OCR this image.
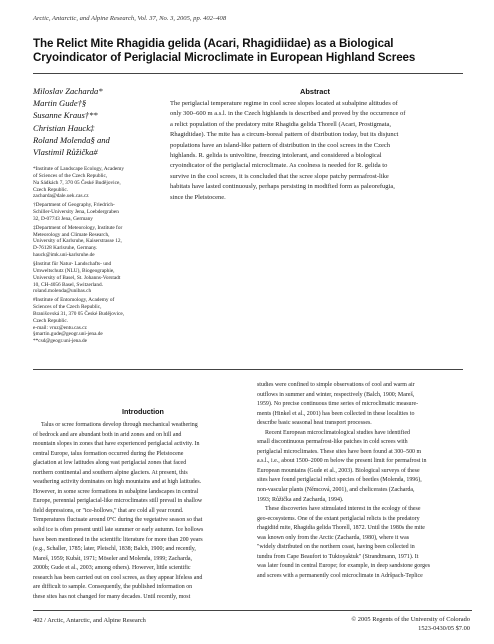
Arctic, Antarctic, and Alpine Research, Vol. 37, No. 3, 2005, pp. 402–408
The Relict Mite Rhagidia gelida (Acari, Rhagidiidae) as a Biological
Cryoindicator of Periglacial Microclimate in European Highland Screes
Miloslav Zacharda*
Martin Gude†§
Susanne Kraus†**
Christian Hauck‡
Roland Molenda§ and
Vlastimil Růžička#
*Institute of Landscape Ecology, Academy
of Sciences of the Czech Republic,
Na Sádkách 7, 370 05 České Budějovice,
Czech Republic.
zacharda@dale.uek.cas.cz
†Department of Geography, Friedrich-
Schiller-University Jena, Loebdergraben
32, D-07743 Jena, Germany
‡Department of Meteorology, Institute for
Meteorology and Climate Research,
University of Karlsruhe, Kaiserstrasse 12,
D-76128 Karlsruhe, Germany.
hauck@imk.uni-karlsruhe.de
§Institut für Natur- Landschafts- und
Umweltschutz (NLU), Biogeographie,
University of Basel, St. Johanns-Vorstadt
10, CH-4056 Basel, Switzerland.
roland.molenda@unibas.ch
#Institute of Entomology, Academy of
Sciences of the Czech Republic,
Branišovská 31, 370 05 České Budějovice,
Czech Republic.
e-mail: vruz@entu.cas.cz
§martin.gude@geogr.uni-jena.de
**csd@geogr.uni-jena.de
Abstract
The periglacial temperature regime in cool scree slopes located at subalpine altitudes of
only 300–600 m a.s.l. in the Czech highlands is described and proved by the occurrence of
a relict population of the predatory mite Rhagidia gelida Thorell (Acari, Prostigmata,
Rhagidiidae). The mite has a circum-boreal pattern of distribution today, but its disjunct
populations have an island-like pattern of distribution in the cool screes in the Czech
highlands. R. gelida is univoltine, freezing intolerant, and considered a biological
cryoindicator of the periglacial microclimate. As coolness is needed for R. gelida to
survive in the cool screes, it is concluded that the scree slope patchy permafrost-like
habitats have lasted continuously, perhaps persisting in modified form as paleorefugia,
since the Pleistocene.
Introduction
Talus or scree formations develop through mechanical weathering
of bedrock and are abundant both in arid zones and on hill and
mountain slopes in zones that have experienced periglacial activity. In
central Europe, talus formation occurred during the Pleistocene
glaciation at low latitudes along vast periglacial zones that faced
northern continental and southern alpine glaciers. At present, this
weathering activity dominates on high mountains and at high latitudes.
However, in some scree formations in subalpine landscapes in central
Europe, perennial periglacial-like microclimates still prevail in shallow
field depressions, or "ice-hollows," that are cold all year round.
Temperatures fluctuate around 0°C during the vegetative season so that
solid ice is often present until late summer or early autumn. Ice hollows
have been mentioned in the scientific literature for more than 200 years
(e.g., Schaller, 1785; later, Pleischl, 1838; Balch, 1900; and recently,
Mareš, 1959; Kubát, 1971; Möseler and Molenda, 1999; Zacharda,
2000b; Gude et al., 2003; among others). However, little scientific
research has been carried out on cool screes, as they appear lifeless and
are difficult to sample. Consequently, the published information on
these sites has not changed for many decades. Until recently, most
studies were confined to simple observations of cool and warm air
outflows in summer and winter, respectively (Balch, 1900; Mareš,
1959). No precise continuous time series of microclimatic measure-
ments (Hinkel et al., 2001) has been collected in these localities to
describe basic seasonal heat transport processes.
Recent European microclimatological studies have identified
small discontinuous permafrost-like patches in cold screes with
periglacial microclimates. These sites have been found at 300–500 m
a.s.l., i.e., about 1500–2000 m below the present limit for permafrost in
European mountains (Gude et al., 2003). Biological surveys of these
sites have found periglacial relict species of beetles (Molenda, 1996),
non-vascular plants (Němcová, 2001), and chelicerates (Zacharda,
1993; Růžička and Zacharda, 1994).
These discoveries have stimulated interest in the ecology of these
geo-ecosystems. One of the extant periglacial relicts is the predatory
rhagidiid mite, Rhagidia gelida Thorell, 1872. Until the 1980s the mite
was known only from the Arctic (Zacharda, 1980), where it was
"widely distributed on the northern coast, having been collected in
tundra from Cape Beaufort to Tuktoyaktuk" (Strandtmann, 1971). It
was later found in central Europe; for example, in deep sandstone gorges
and screes with a permanently cool microclimate in Adršpach-Teplice
402 / Arctic, Antarctic, and Alpine Research	© 2005 Regents of the University of Colorado
1523-0430/05 $7.00
